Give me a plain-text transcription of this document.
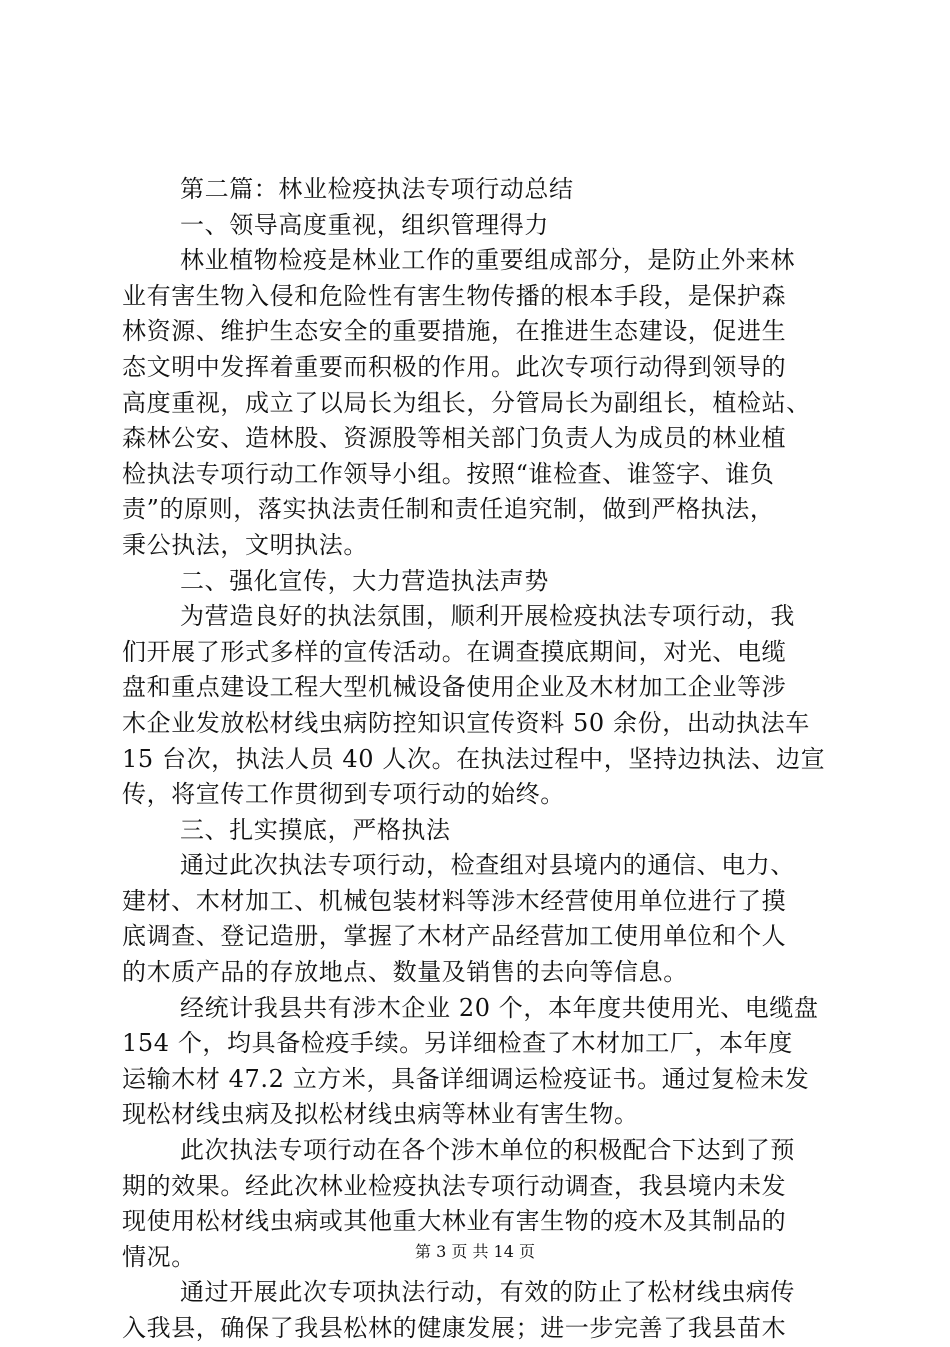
第二篇：林业检疫执法专项行动总结
一、领导高度重视，组织管理得力
林业植物检疫是林业工作的重要组成部分，是防止外来林
业有害生物入侵和危险性有害生物传播的根本手段，是保护森
林资源、维护生态安全的重要措施，在推进生态建设，促进生
态文明中发挥着重要而积极的作用。此次专项行动得到领导的
高度重视，成立了以局长为组长，分管局长为副组长，植检站、
森林公安、造林股、资源股等相关部门负责人为成员的林业植
检执法专项行动工作领导小组。按照“谁检查、谁签字、谁负
责”的原则，落实执法责任制和责任追究制，做到严格执法，
秉公执法，文明执法。
二、强化宣传，大力营造执法声势
为营造良好的执法氛围，顺利开展检疫执法专项行动，我
们开展了形式多样的宣传活动。在调查摸底期间，对光、电缆
盘和重点建设工程大型机械设备使用企业及木材加工企业等涉
木企业发放松材线虫病防控知识宣传资料 50 余份，出动执法车
15 台次，执法人员 40 人次。在执法过程中，坚持边执法、边宣
传，将宣传工作贯彻到专项行动的始终。
三、扎实摸底，严格执法
通过此次执法专项行动，检查组对县境内的通信、电力、
建材、木材加工、机械包装材料等涉木经营使用单位进行了摸
底调查、登记造册，掌握了木材产品经营加工使用单位和个人
的木质产品的存放地点、数量及销售的去向等信息。
经统计我县共有涉木企业 20 个，本年度共使用光、电缆盘
154 个，均具备检疫手续。另详细检查了木材加工厂，本年度
运输木材 47.2 立方米，具备详细调运检疫证书。通过复检未发
现松材线虫病及拟松材线虫病等林业有害生物。
此次执法专项行动在各个涉木单位的积极配合下达到了预
期的效果。经此次林业检疫执法专项行动调查，我县境内未发
现使用松材线虫病或其他重大林业有害生物的疫木及其制品的
情况。
通过开展此次专项执法行动，有效的防止了松材线虫病传
入我县，确保了我县松林的健康发展；进一步完善了我县苗木
第 3 页 共 14 页
